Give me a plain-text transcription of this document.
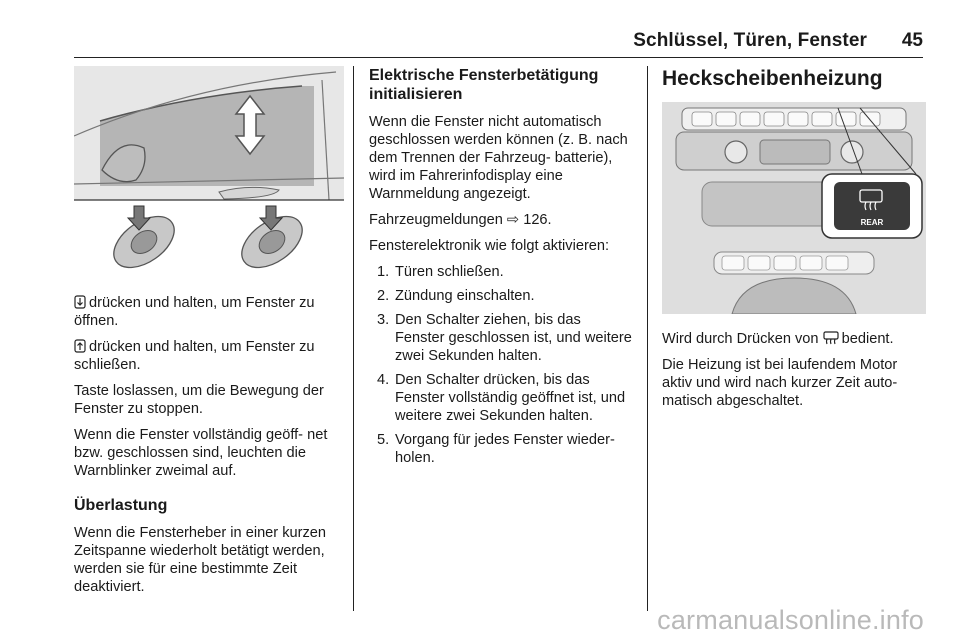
Schlüssel, Türen, Fenster 45

drücken und halten, um Fenster zu öffnen.

drücken und halten, um Fenster zu schließen.

Taste loslassen, um die Bewegung der Fenster zu stoppen.

Wenn die Fenster vollständig geöff‑ net bzw. geschlossen sind, leuchten die Warnblinker zweimal auf.

Überlastung

Wenn die Fensterheber in einer kurzen Zeitspanne wiederholt betätigt werden, werden sie für eine bestimmte Zeit deaktiviert.

Elektrische Fensterbetätigung initialisieren

Wenn die Fenster nicht automatisch geschlossen werden können (z. B. nach dem Trennen der Fahrzeug‑ batterie), wird im Fahrerinfodisplay eine Warnmeldung angezeigt.

Fahrzeugmeldungen ⇨ 126.

Fensterelektronik wie folgt aktivieren:

1. Türen schließen.
2. Zündung einschalten.
3. Den Schalter ziehen, bis das Fenster geschlossen ist, und weitere zwei Sekunden halten.
4. Den Schalter drücken, bis das Fenster vollständig geöffnet ist, und weitere zwei Sekunden halten.
5. Vorgang für jedes Fenster wieder‑ holen.
Heckscheibenheizung
REAR

Wird durch Drücken von bedient.

Die Heizung ist bei laufendem Motor aktiv und wird nach kurzer Zeit auto‑ matisch abgeschaltet.

carmanualsonline.info
